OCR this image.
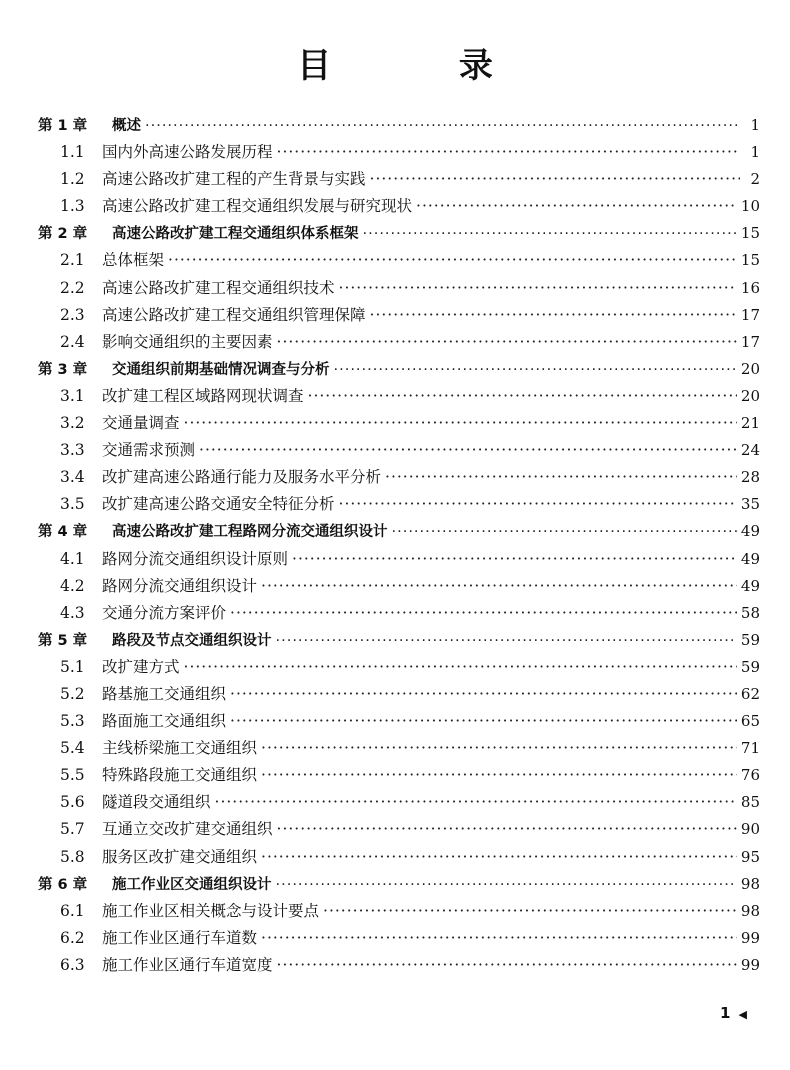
目 录
第 1 章	概述 ·····	1
1.1	国内外高速公路发展历程 ·····	1
1.2	高速公路改扩建工程的产生背景与实践 ·····	2
1.3	高速公路改扩建工程交通组织发展与研究现状 ·····	10
第 2 章	高速公路改扩建工程交通组织体系框架 ·····	15
2.1	总体框架 ·····	15
2.2	高速公路改扩建工程交通组织技术 ·····	16
2.3	高速公路改扩建工程交通组织管理保障 ·····	17
2.4	影响交通组织的主要因素 ·····	17
第 3 章	交通组织前期基础情况调查与分析 ·····	20
3.1	改扩建工程区域路网现状调查 ·····	20
3.2	交通量调查 ·····	21
3.3	交通需求预测 ·····	24
3.4	改扩建高速公路通行能力及服务水平分析 ·····	28
3.5	改扩建高速公路交通安全特征分析 ·····	35
第 4 章	高速公路改扩建工程路网分流交通组织设计 ·····	49
4.1	路网分流交通组织设计原则 ·····	49
4.2	路网分流交通组织设计 ·····	49
4.3	交通分流方案评价 ·····	58
第 5 章	路段及节点交通组织设计 ·····	59
5.1	改扩建方式 ·····	59
5.2	路基施工交通组织 ·····	62
5.3	路面施工交通组织 ·····	65
5.4	主线桥梁施工交通组织 ·····	71
5.5	特殊路段施工交通组织 ·····	76
5.6	隧道段交通组织 ·····	85
5.7	互通立交改扩建交通组织 ·····	90
5.8	服务区改扩建交通组织 ·····	95
第 6 章	施工作业区交通组织设计 ·····	98
6.1	施工作业区相关概念与设计要点 ·····	98
6.2	施工作业区通行车道数 ·····	99
6.3	施工作业区通行车道宽度 ·····	99
1 ◀
